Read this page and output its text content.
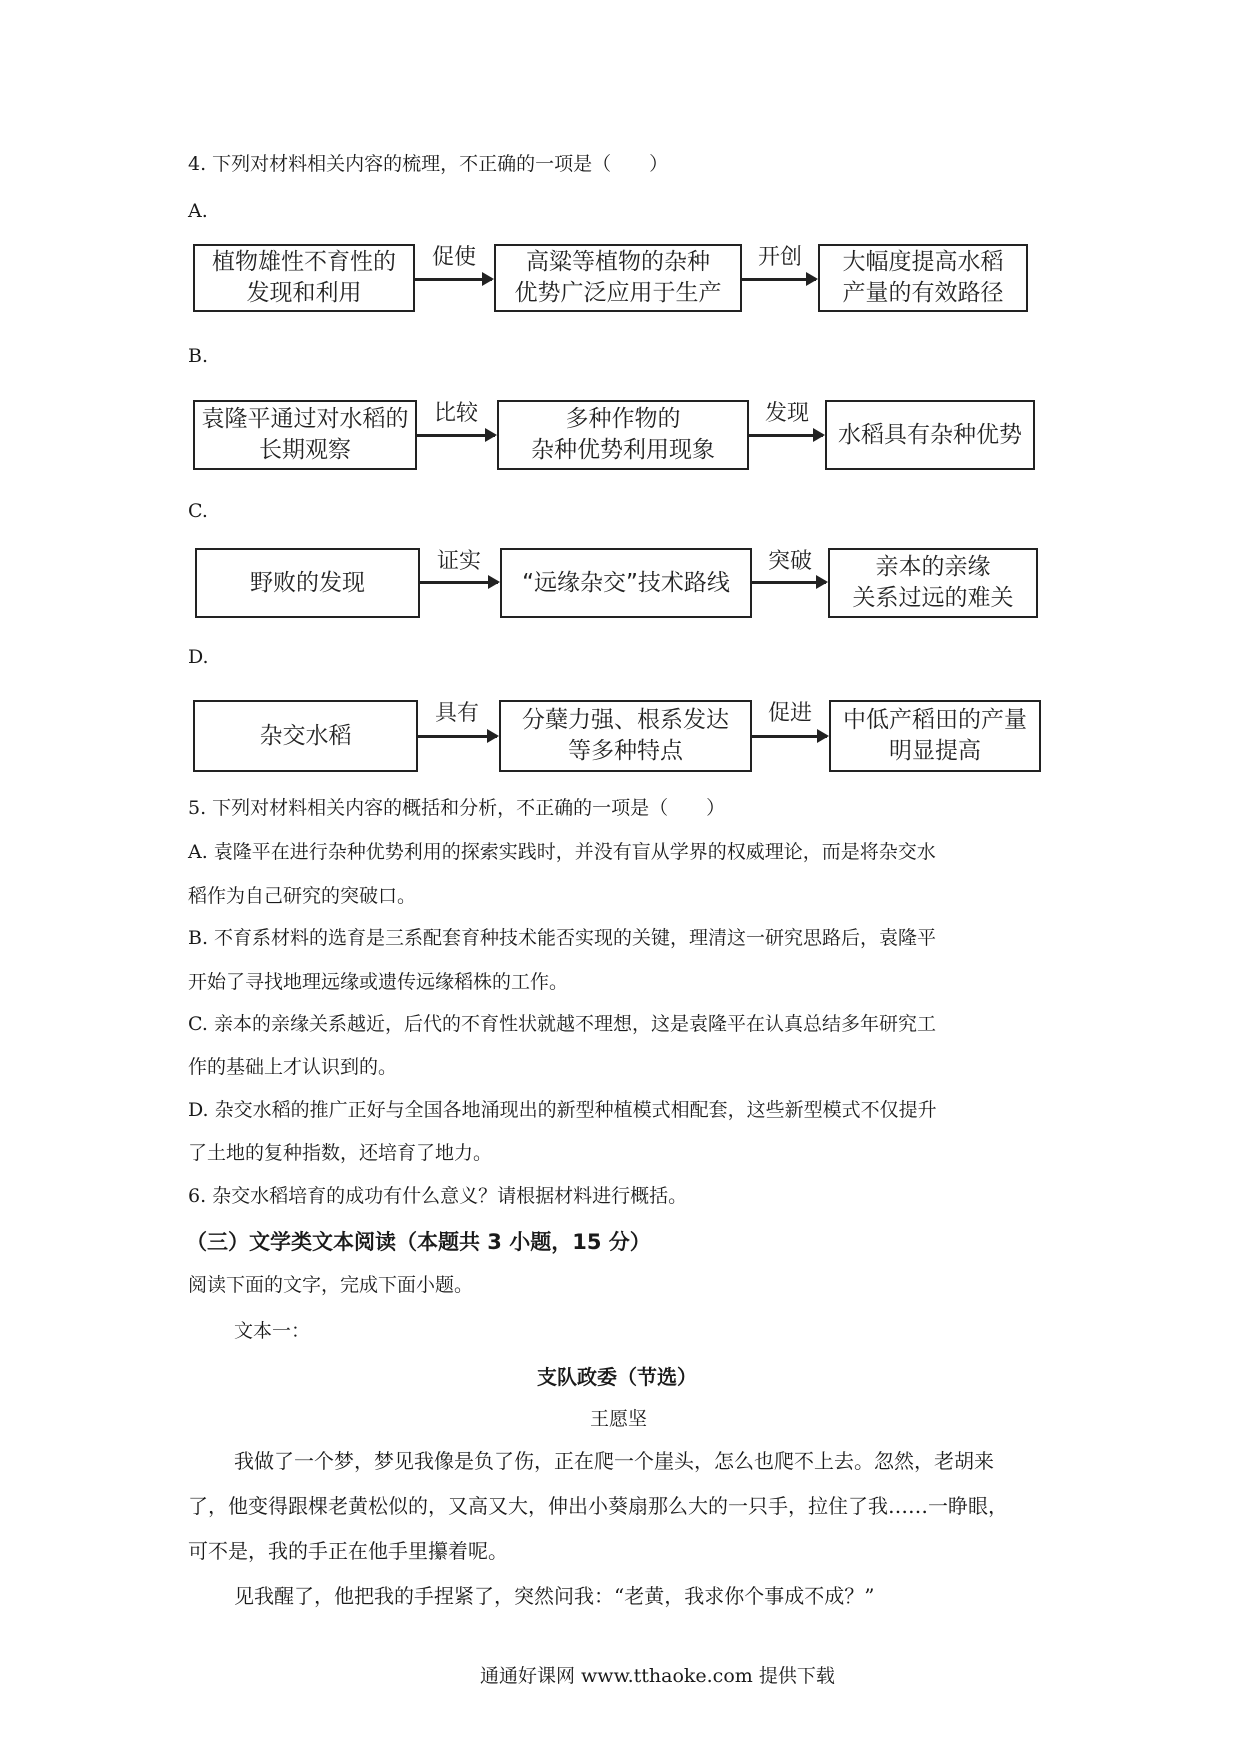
4. 下列对材料相关内容的梳理，不正确的一项是（　　）
A.
植物雄性不育性的
发现和利用
促使	高粱等植物的杂种
优势广泛应用于生产
开创	大幅度提高水稻
产量的有效路径
B.
袁隆平通过对水稻的
长期观察
比较	多种作物的
杂种优势利用现象
发现
水稻具有杂种优势
C.
野败的发现
证实
“远缘杂交”技术路线
突破	亲本的亲缘
关系过远的难关
D.
杂交水稻
具有	分蘖力强、根系发达
等多种特点
促进	中低产稻田的产量
明显提高
5. 下列对材料相关内容的概括和分析，不正确的一项是（　　）
A. 袁隆平在进行杂种优势利用的探索实践时，并没有盲从学界的权威理论，而是将杂交水
稻作为自己研究的突破口。
B. 不育系材料的选育是三系配套育种技术能否实现的关键，理清这一研究思路后，袁隆平
开始了寻找地理远缘或遗传远缘稻株的工作。
C. 亲本的亲缘关系越近，后代的不育性状就越不理想，这是袁隆平在认真总结多年研究工
作的基础上才认识到的。
D. 杂交水稻的推广正好与全国各地涌现出的新型种植模式相配套，这些新型模式不仅提升
了土地的复种指数，还培育了地力。
6. 杂交水稻培育的成功有什么意义？请根据材料进行概括。
（三）文学类文本阅读（本题共 3 小题，15 分）
阅读下面的文字，完成下面小题。
文本一：
支队政委（节选）
王愿坚
我做了一个梦，梦见我像是负了伤，正在爬一个崖头，怎么也爬不上去。忽然，老胡来
了，他变得跟棵老黄松似的，又高又大，伸出小葵扇那么大的一只手，拉住了我……一睁眼，
可不是，我的手正在他手里攥着呢。
见我醒了，他把我的手捏紧了，突然问我：“老黄，我求你个事成不成？”
通通好课网 www.tthaoke.com 提供下载
